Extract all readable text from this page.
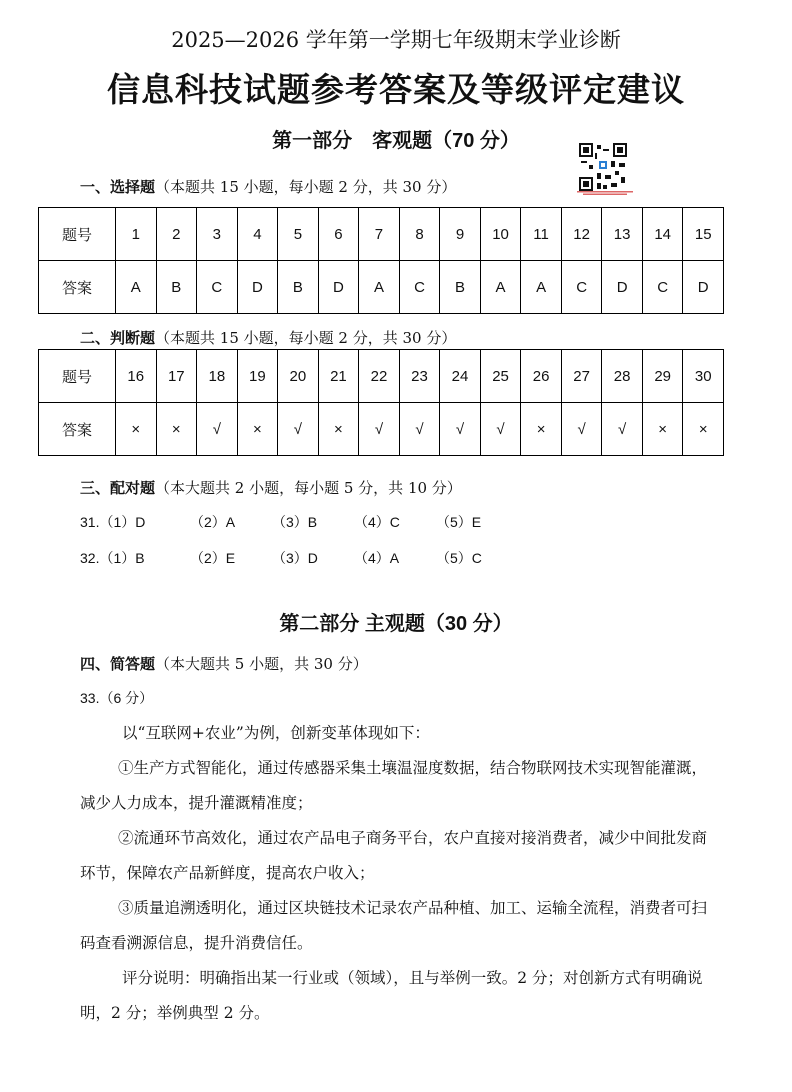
2025—2026 学年第一学期七年级期末学业诊断
信息科技试题参考答案及等级评定建议
第一部分　客观题（70 分）
一、选择题（本题共 15 小题，每小题 2 分，共 30 分）
题号	1	2	3	4	5	6	7	8	9	10	11	12	13	14	15
答案	A	B	C	D	B	D	A	C	B	A	A	C	D	C	D
二、判断题（本题共 15 小题，每小题 2 分，共 30 分）
题号	16	17	18	19	20	21	22	23	24	25	26	27	28	29	30
答案	×	×	√	×	√	×	√	√	√	√	×	√	√	×	×
三、配对题（本大题共 2 小题，每小题 5 分，共 10 分）
31.（1）D	（2）A	（3）B	（4）C	（5）E
32.（1）B	（2）E	（3）D	（4）A	（5）C
第二部分 主观题（30 分）
四、简答题（本大题共 5 小题，共 30 分）
33.（6 分）
以“互联网+农业”为例，创新变革体现如下：
①生产方式智能化，通过传感器采集土壤温湿度数据，结合物联网技术实现智能灌溉，减少人力成本，提升灌溉精准度；
②流通环节高效化，通过农产品电子商务平台，农户直接对接消费者，减少中间批发商环节，保障农产品新鲜度，提高农户收入；
③质量追溯透明化，通过区块链技术记录农产品种植、加工、运输全流程，消费者可扫码查看溯源信息，提升消费信任。
评分说明：明确指出某一行业或（领域），且与举例一致。2 分；对创新方式有明确说明，2 分；举例典型 2 分。
